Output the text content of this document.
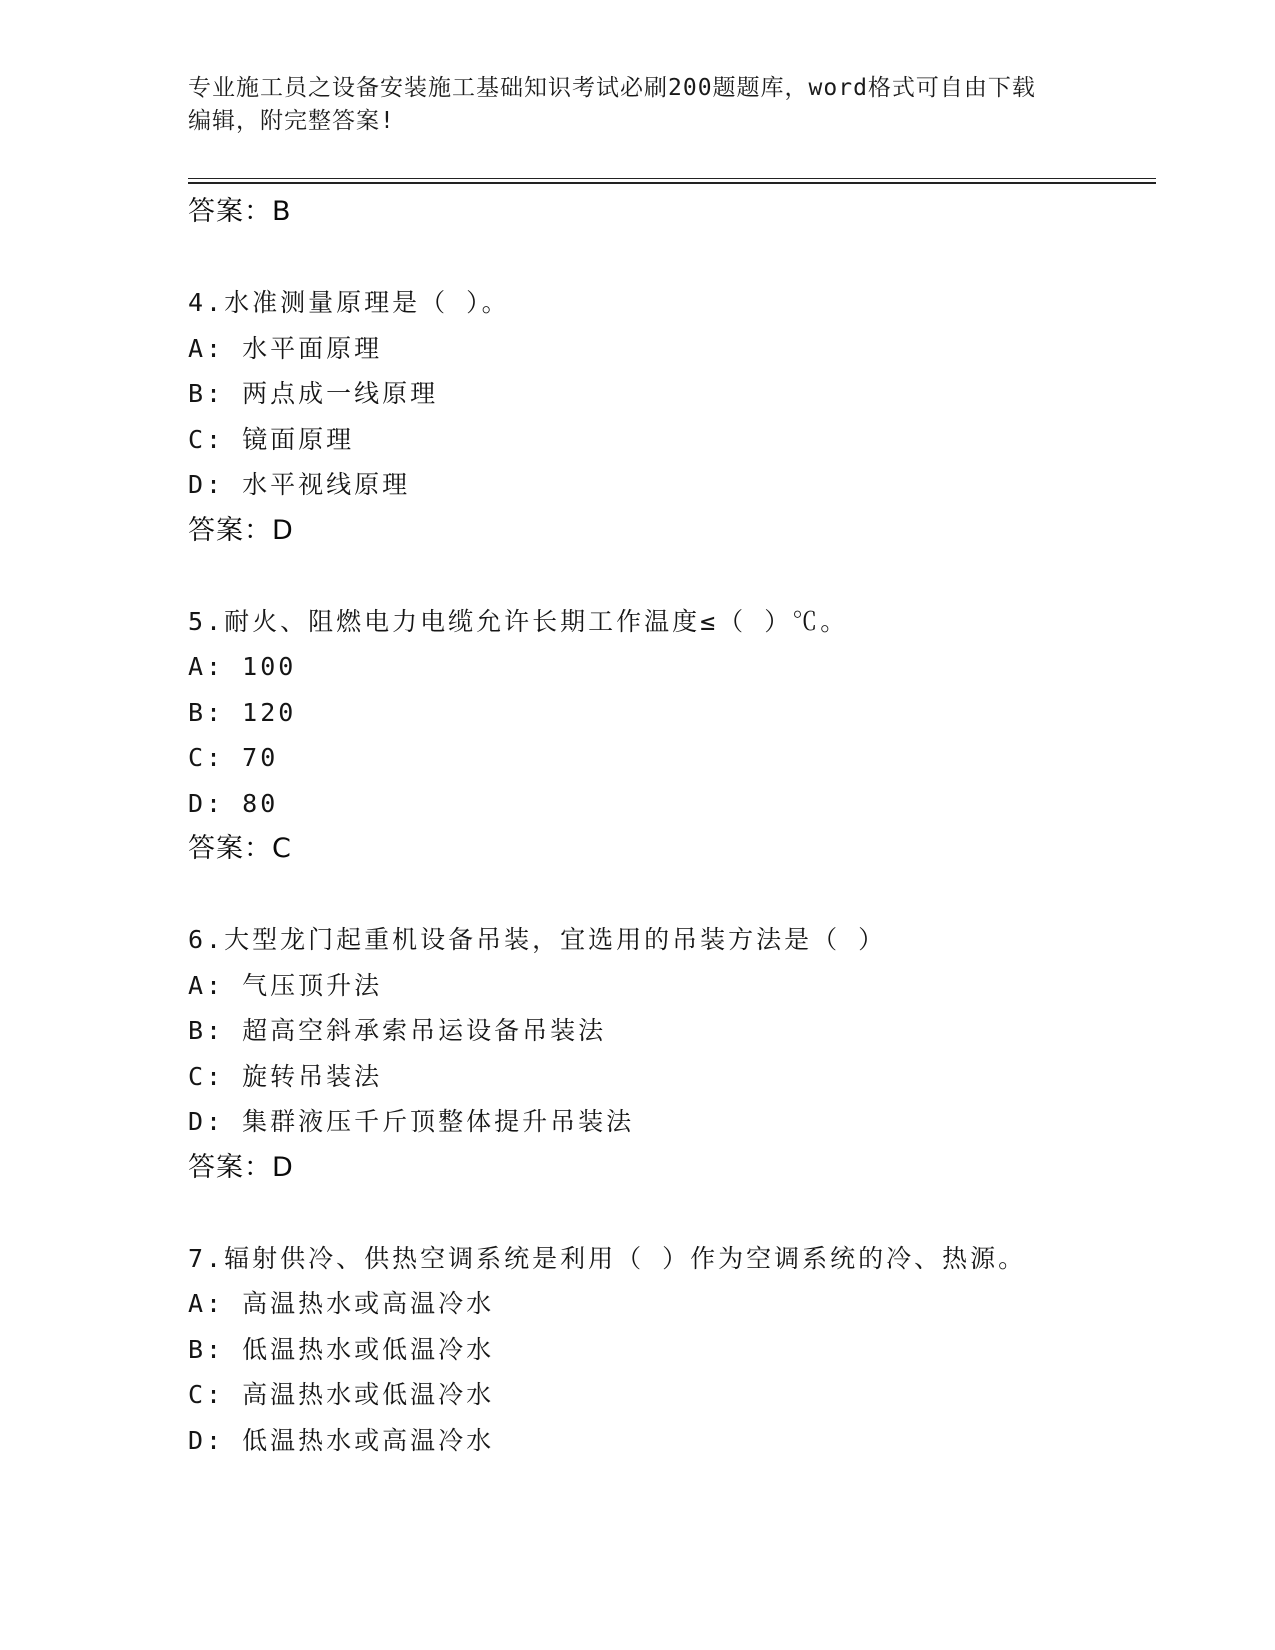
专业施工员之设备安装施工基础知识考试必刷200题题库，word格式可自由下载
编辑，附完整答案!
答案：B
4.水准测量原理是（ ）。
A: 水平面原理
B: 两点成一线原理
C: 镜面原理
D: 水平视线原理
答案：D
5.耐火、阻燃电力电缆允许长期工作温度≤（ ）℃。
A: 100
B: 120
C: 70
D: 80
答案：C
6.大型龙门起重机设备吊装，宜选用的吊装方法是（ ）
A: 气压顶升法
B: 超高空斜承索吊运设备吊装法
C: 旋转吊装法
D: 集群液压千斤顶整体提升吊装法
答案：D
7.辐射供冷、供热空调系统是利用（ ）作为空调系统的冷、热源。
A: 高温热水或高温冷水
B: 低温热水或低温冷水
C: 高温热水或低温冷水
D: 低温热水或高温冷水
